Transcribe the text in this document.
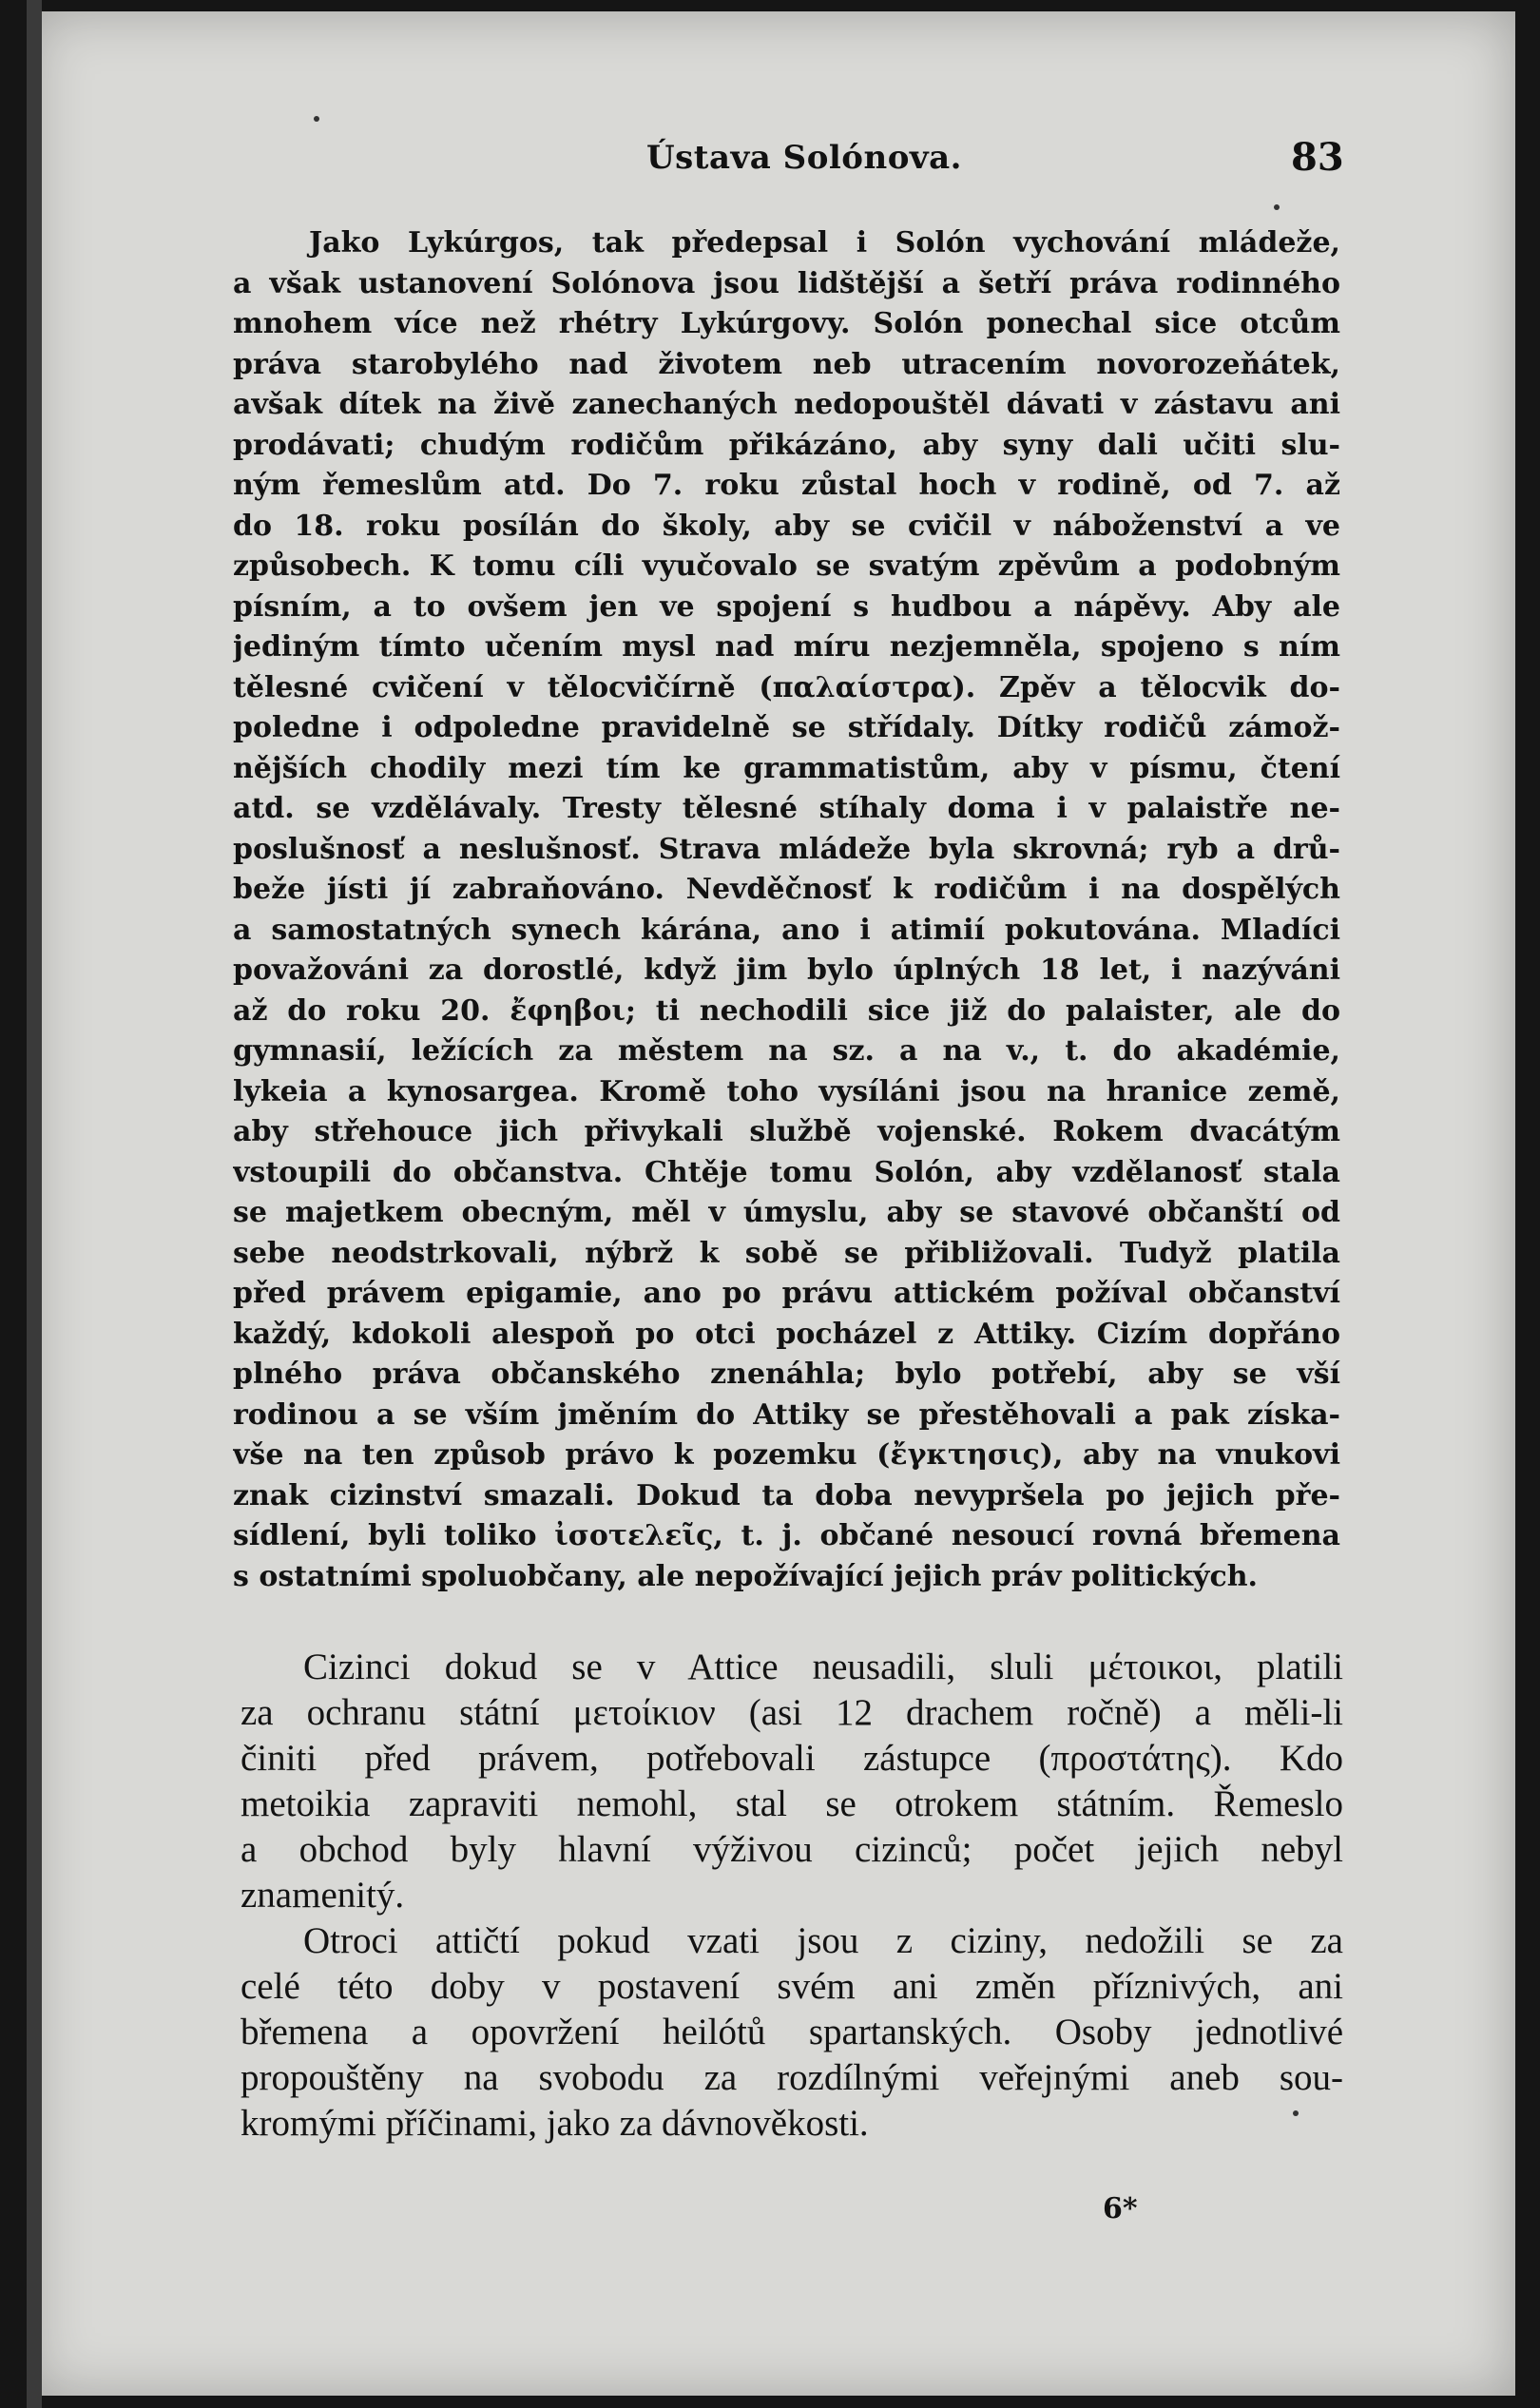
Ústava Solónova.	83
Jako Lykúrgos, tak předepsal i Solón vychování mládeže,
a však ustanovení Solónova jsou lidštější a šetří práva rodinného
mnohem více než rhétry Lykúrgovy. Solón ponechal sice otcům
práva starobylého nad životem neb utracením novorozeňátek,
avšak dítek na živě zanechaných nedopouštěl dávati v zástavu ani
prodávati; chudým rodičům přikázáno, aby syny dali učiti slu-
ným řemeslům atd. Do 7. roku zůstal hoch v rodině, od 7. až
do 18. roku posílán do školy, aby se cvičil v náboženství a ve
způsobech. K tomu cíli vyučovalo se svatým zpěvům a podobným
písním, a to ovšem jen ve spojení s hudbou a nápěvy. Aby ale
jediným tímto učením mysl nad míru nezjemněla, spojeno s ním
tělesné cvičení v tělocvičírně (παλαίστρα). Zpěv a tělocvik do-
poledne i odpoledne pravidelně se střídaly. Dítky rodičů zámož-
nějších chodily mezi tím ke grammatistům, aby v písmu, čtení
atd. se vzdělávaly. Tresty tělesné stíhaly doma i v palaistře ne-
poslušnosť a neslušnosť. Strava mládeže byla skrovná; ryb a drů-
beže jísti jí zabraňováno. Nevděčnosť k rodičům i na dospělých
a samostatných synech kárána, ano i atimií pokutována. Mladíci
považováni za dorostlé, když jim bylo úplných 18 let, i nazýváni
až do roku 20. ἔφηβοι; ti nechodili sice již do palaister, ale do
gymnasií, ležících za městem na sz. a na v., t. do akadémie,
lykeia a kynosargea. Kromě toho vysíláni jsou na hranice země,
aby střehouce jich přivykali službě vojenské. Rokem dvacátým
vstoupili do občanstva. Chtěje tomu Solón, aby vzdělanosť stala
se majetkem obecným, měl v úmyslu, aby se stavové občanští od
sebe neodstrkovali, nýbrž k sobě se přibližovali. Tudyž platila
před právem epigamie, ano po právu attickém požíval občanství
každý, kdokoli alespoň po otci pocházel z Attiky. Cizím dopřáno
plného práva občanského znenáhla; bylo potřebí, aby se vší
rodinou a se vším jměním do Attiky se přestěhovali a pak získa-
vše na ten způsob právo k pozemku (ἔγκτησις), aby na vnukovi
znak cizinství smazali. Dokud ta doba nevypršela po jejich pře-
sídlení, byli toliko ἰσοτελεῖς, t. j. občané nesoucí rovná břemena
s ostatními spoluobčany, ale nepožívající jejich práv politických.
Cizinci dokud se v Attice neusadili, sluli μέτοικοι, platili
za ochranu státní μετοίκιον (asi 12 drachem ročně) a měli-li
činiti před právem, potřebovali zástupce (προστάτης). Kdo
metoikia zapraviti nemohl, stal se otrokem státním. Řemeslo
a obchod byly hlavní výživou cizinců; počet jejich nebyl
znamenitý.
Otroci attičtí pokud vzati jsou z ciziny, nedožili se za
celé této doby v postavení svém ani změn příznivých, ani
břemena a opovržení heilótů spartanských. Osoby jednotlivé
propouštěny na svobodu za rozdílnými veřejnými aneb sou-
kromými příčinami, jako za dávnověkosti.
6*
